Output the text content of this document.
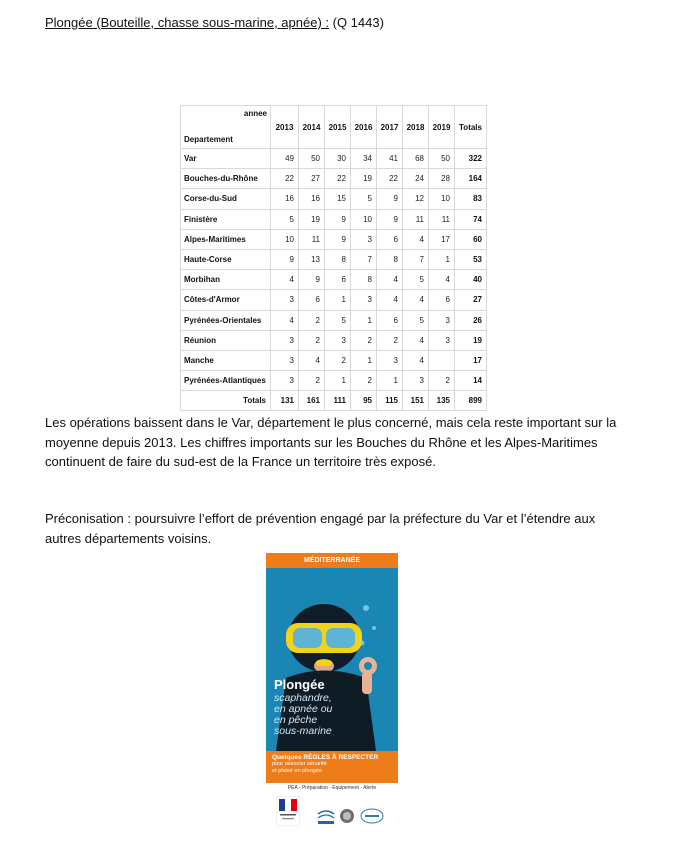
Plongée (Bouteille, chasse sous-marine, apnée) : (Q 1443)
annee	2013	2014	2015	2016	2017	2018	2019	Totals
Departement								
Var	49	50	30	34	41	68	50	322
Bouches-du-Rhône	22	27	22	19	22	24	28	164
Corse-du-Sud	16	16	15	5	9	12	10	83
Finistère	5	19	9	10	9	11	11	74
Alpes-Maritimes	10	11	9	3	6	4	17	60
Haute-Corse	9	13	8	7	8	7	1	53
Morbihan	4	9	6	8	4	5	4	40
Côtes-d'Armor	3	6	1	3	4	4	6	27
Pyrénées-Orientales	4	2	5	1	6	5	3	26
Réunion	3	2	3	2	2	4	3	19
Manche	3	4	2	1	3	4		17
Pyrénées-Atlantiques	3	2	1	2	1	3	2	14
Totals	131	161	111	95	115	151	135	899
Les opérations baissent dans le Var, département le plus concerné, mais cela reste important sur la
moyenne depuis 2013. Les chiffres importants sur les Bouches du Rhône et les Alpes-Maritimes
continuent de faire du sud-est de la France un territoire très exposé.
Préconisation : poursuivre l’effort de prévention engagé par la préfecture du Var et l’étendre aux
autres départements voisins.
MÉDITERRANÉE
Plongée
scaphandre,
en apnée ou
en pêche
sous-marine
Quelques RÈGLES À RESPECTER
pour associer sécurité
et plaisir en plongée
PEA - Préparation - Equipement - Alerte
